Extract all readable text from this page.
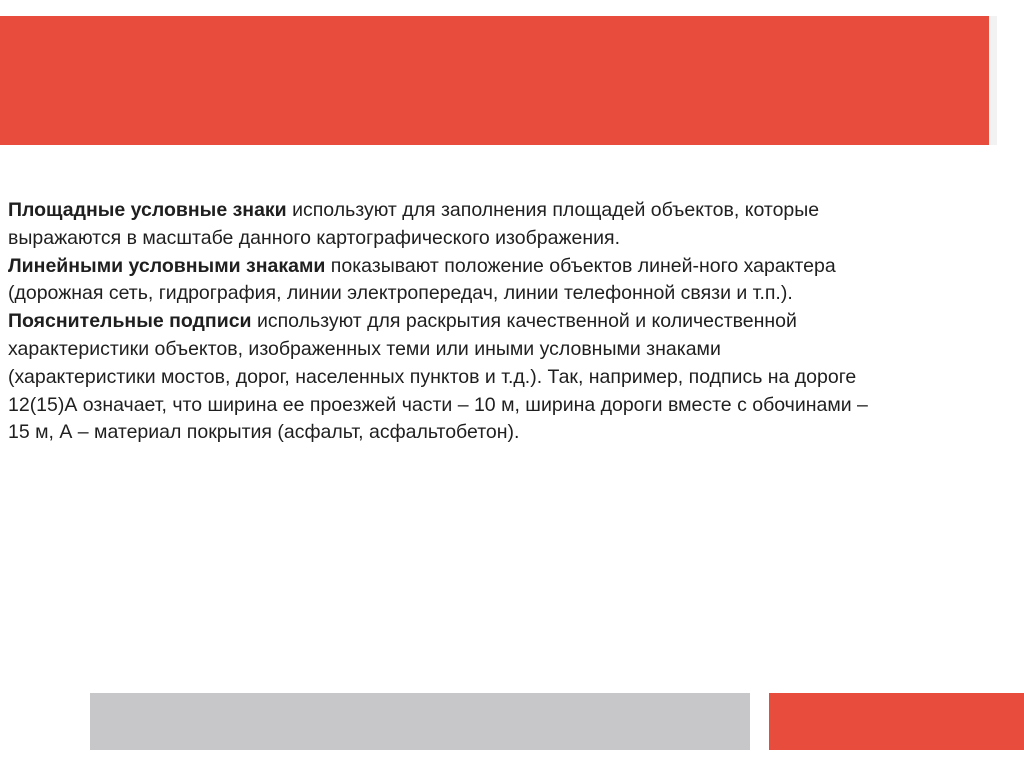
Площадные условные знаки используют для заполнения площадей объектов, которые выражаются в масштабе данного картографического изображения.

Линейными условными знаками показывают положение объектов линей-ного характера (дорожная сеть, гидрография, линии электропередач, линии телефонной связи и т.п.).

Пояснительные подписи используют для раскрытия качественной и количественной характеристики объектов, изображенных теми или иными условными знаками (характеристики мостов, дорог, населенных пунктов и т.д.). Так, например, подпись на дороге 12(15)А означает, что ширина ее проезжей части – 10 м, ширина дороги вместе с обочинами – 15 м, А – материал покрытия (асфальт, асфальтобетон).
